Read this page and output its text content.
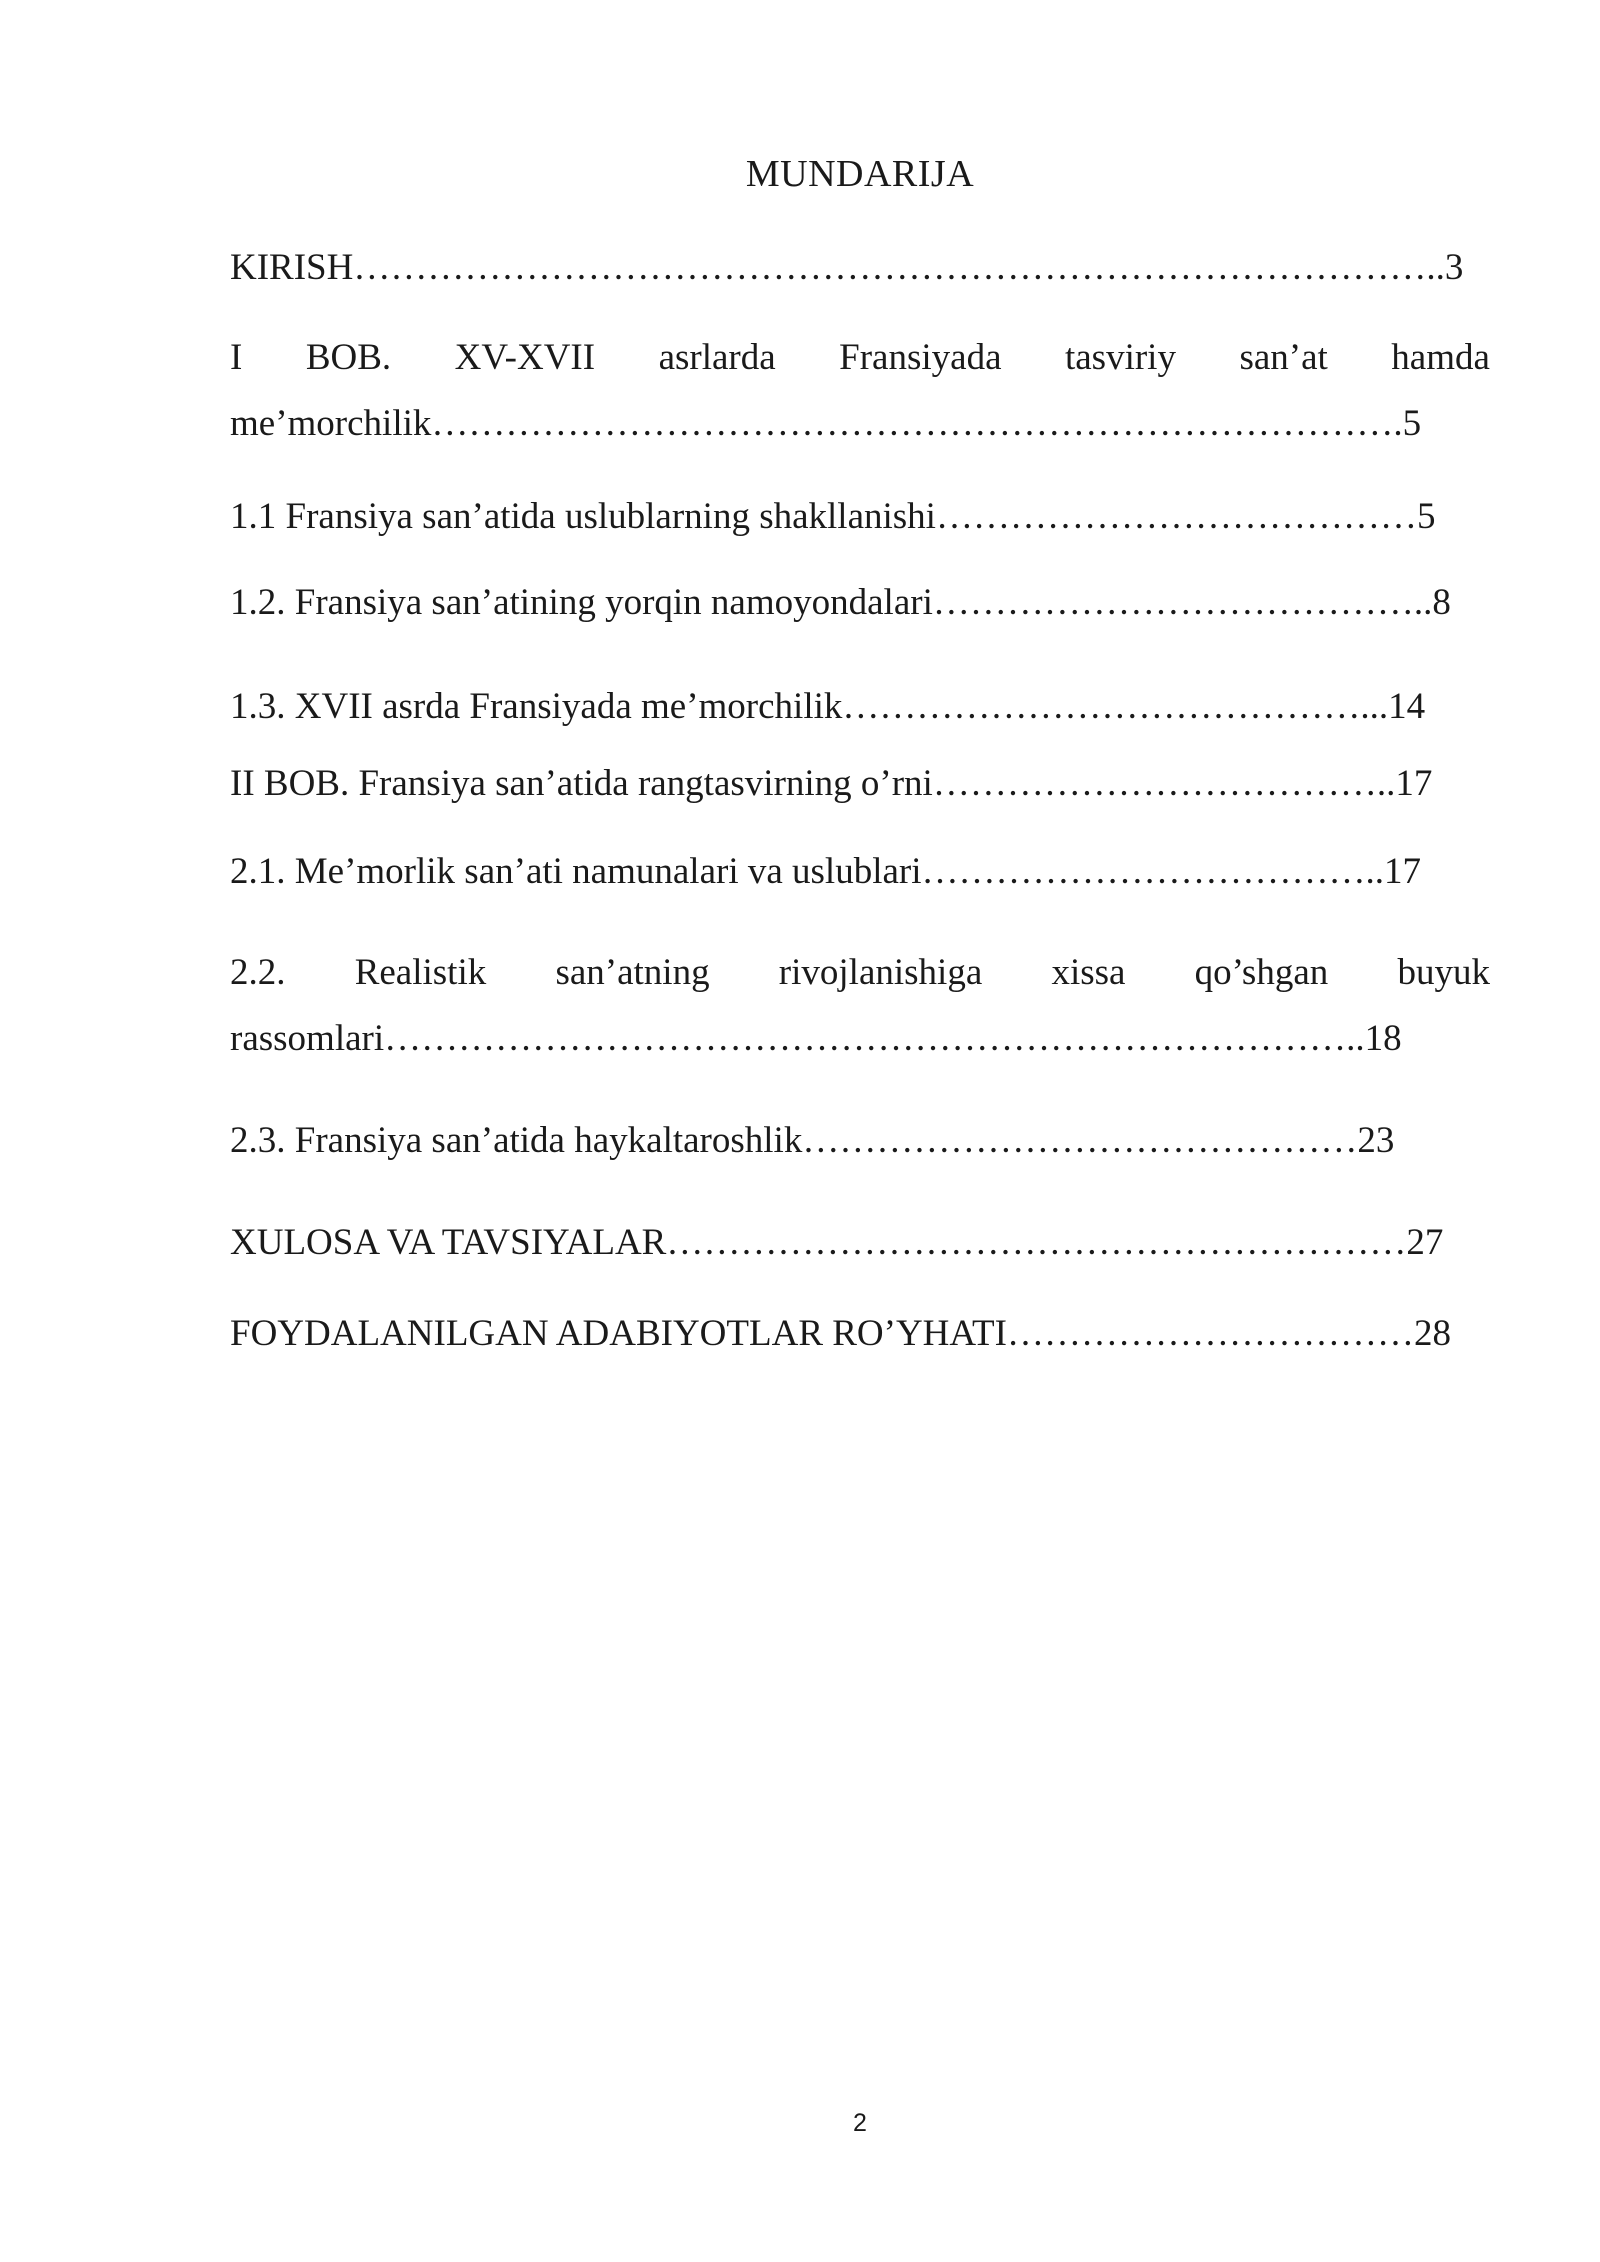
MUNDARIJA
KIRISH……………………………………………………………………………..3
I BOB. XV-XVII asrlarda Fransiyada tasviriy san’at hamda
me’morchilik…………………………………………………………………….5
1.1 Fransiya san’atida uslublarning shakllanishi…………………………………5
1.2. Fransiya san’atining yorqin namoyondalari…………………………………..8
1.3. XVII asrda Fransiyada me’morchilik……………………………………...14
II BOB. Fransiya san’atida rangtasvirning o’rni………………………………..17
2.1. Me’morlik san’ati namunalari va uslublari………………………………..17
2.2. Realistik san’atning rivojlanishiga xissa qo’shgan buyuk
rassomlari……………………………………………………………………..18
2.3. Fransiya san’atida haykaltaroshlik………………………………………23
XULOSA VA TAVSIYALAR……………………………………………………27
FOYDALANILGAN ADABIYOTLAR RO’YHATI……………………………28
2
